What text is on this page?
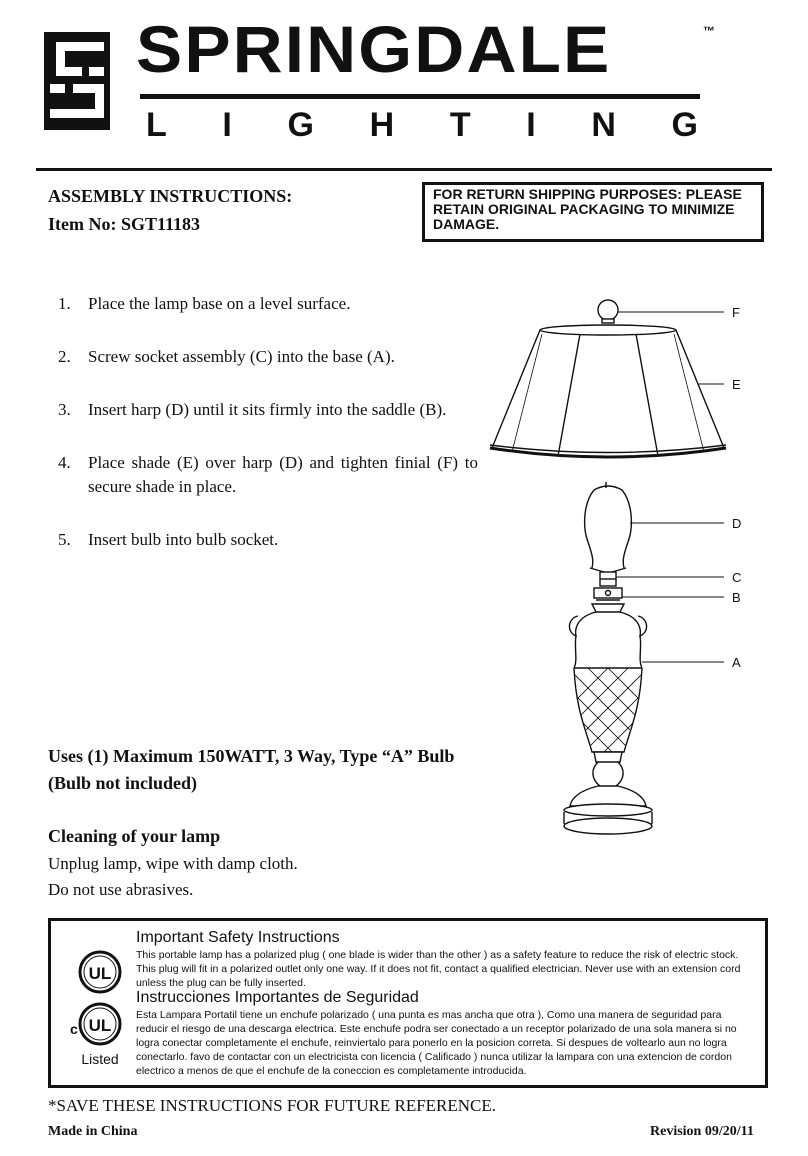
SPRINGDALE	™
L I G H T I N G
ASSEMBLY INSTRUCTIONS:
Item No: SGT11183
FOR RETURN SHIPPING PURPOSES: PLEASE RETAIN ORIGINAL PACKAGING TO MINIMIZE DAMAGE.
1. Place the lamp base on a level surface.
2. Screw socket assembly (C) into the base (A).
3. Insert harp (D) until it sits firmly into the saddle (B).
4. Place shade (E) over harp (D) and tighten finial (F) to secure shade in place.
5. Insert bulb into bulb socket.
F
E
D
C
B
A
Uses (1) Maximum 150WATT, 3 Way, Type “A” Bulb
(Bulb not included)
Cleaning of your lamp
Unplug lamp, wipe with damp cloth.
Do not use abrasives.
UL
UL
c
Listed
Important Safety Instructions
This portable lamp has a polarized plug ( one blade is wider than the other ) as a safety feature to reduce the risk of electric stock. This plug will fit in a polarized outlet only one way. If it does not fit, contact a qualified electrician. Never use with an extension cord unless the plug can be fully inserted.
Instrucciones Importantes de Seguridad
Esta Lampara Portatil tiene un enchufe polarizado ( una punta es mas ancha que otra ), Como una manera de seguridad para reducir el riesgo de una descarga electrica. Este enchufe podra ser conectado a un receptor polarizado de una sola manera si no logra conectar completamente el enchufe, reinviertalo para ponerlo en la posicion correta. Si despues de voltearlo aun no logra conectarlo. favo de contactar con un electricista con licencia ( Calificado ) nunca utilizar la lampara con una extencion de cordon electrico a menos de que el enchufe de la coneccion es completamente introducida.
*SAVE THESE INSTRUCTIONS FOR FUTURE REFERENCE.
Made in China	Revision 09/20/11
